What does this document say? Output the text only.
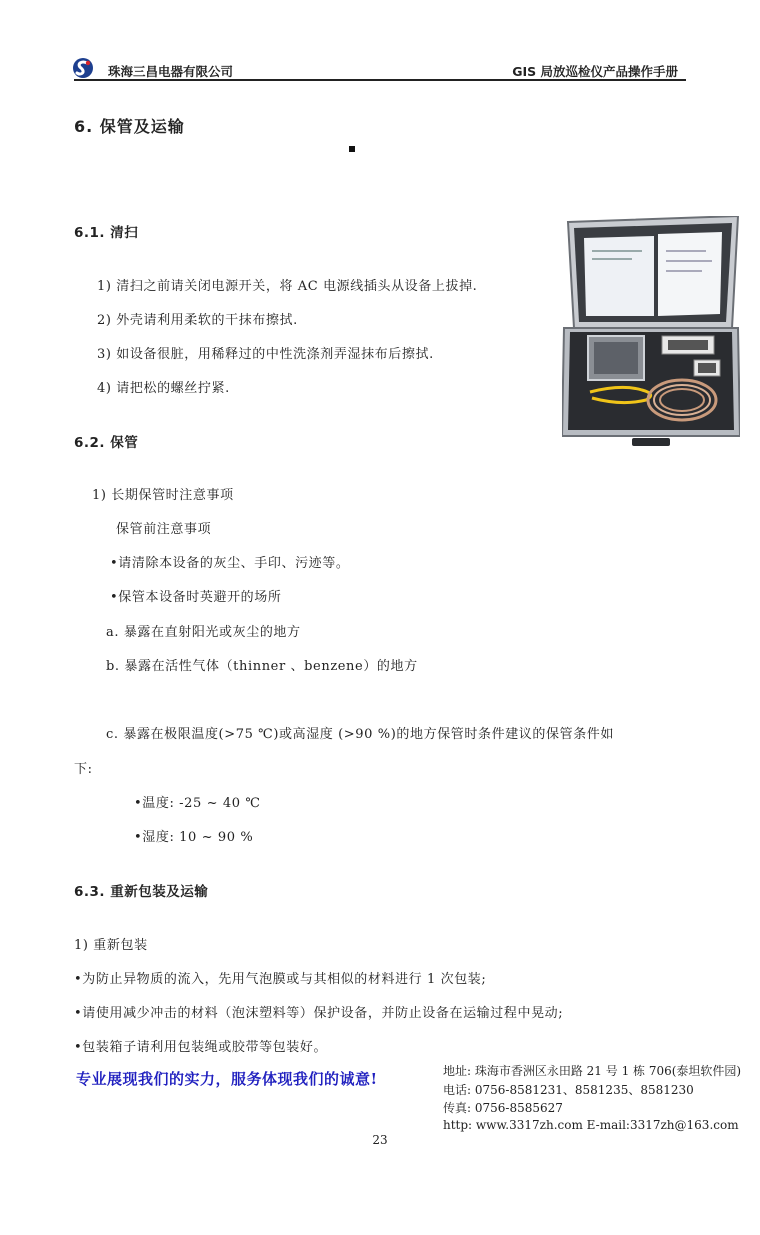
珠海三昌电器有限公司	GIS 局放巡检仪产品操作手册
6. 保管及运输
6.1. 清扫
1) 清扫之前请关闭电源开关，将 AC 电源线插头从设备上拔掉.
2) 外壳请利用柔软的干抹布擦拭.
3) 如设备很脏，用稀释过的中性洗涤剂弄湿抹布后擦拭.
4) 请把松的螺丝拧紧.
6.2. 保管
1) 长期保管时注意事项
保管前注意事项
•请清除本设备的灰尘、手印、污迹等。
•保管本设备时英避开的场所
a. 暴露在直射阳光或灰尘的地方
b. 暴露在活性气体（thinner 、benzene）的地方
c. 暴露在极限温度(>75 ℃)或高湿度 (>90 %)的地方保管时条件建议的保管条件如
下:
•温度: -25 ~ 40 ℃
•湿度: 10 ~ 90 %
6.3. 重新包装及运输
1) 重新包装
•为防止异物质的流入，先用气泡膜或与其相似的材料进行 1 次包装;
•请使用减少冲击的材料（泡沫塑料等）保护设备，并防止设备在运输过程中晃动;
•包装箱子请利用包装绳或胶带等包装好。
专业展现我们的实力，服务体现我们的诚意!	地址: 珠海市香洲区永田路 21 号 1 栋 706(泰坦软件园)
电话: 0756-8581231、8581235、8581230
传真: 0756-8585627
http: www.3317zh.com E-mail:3317zh@163.com
23
